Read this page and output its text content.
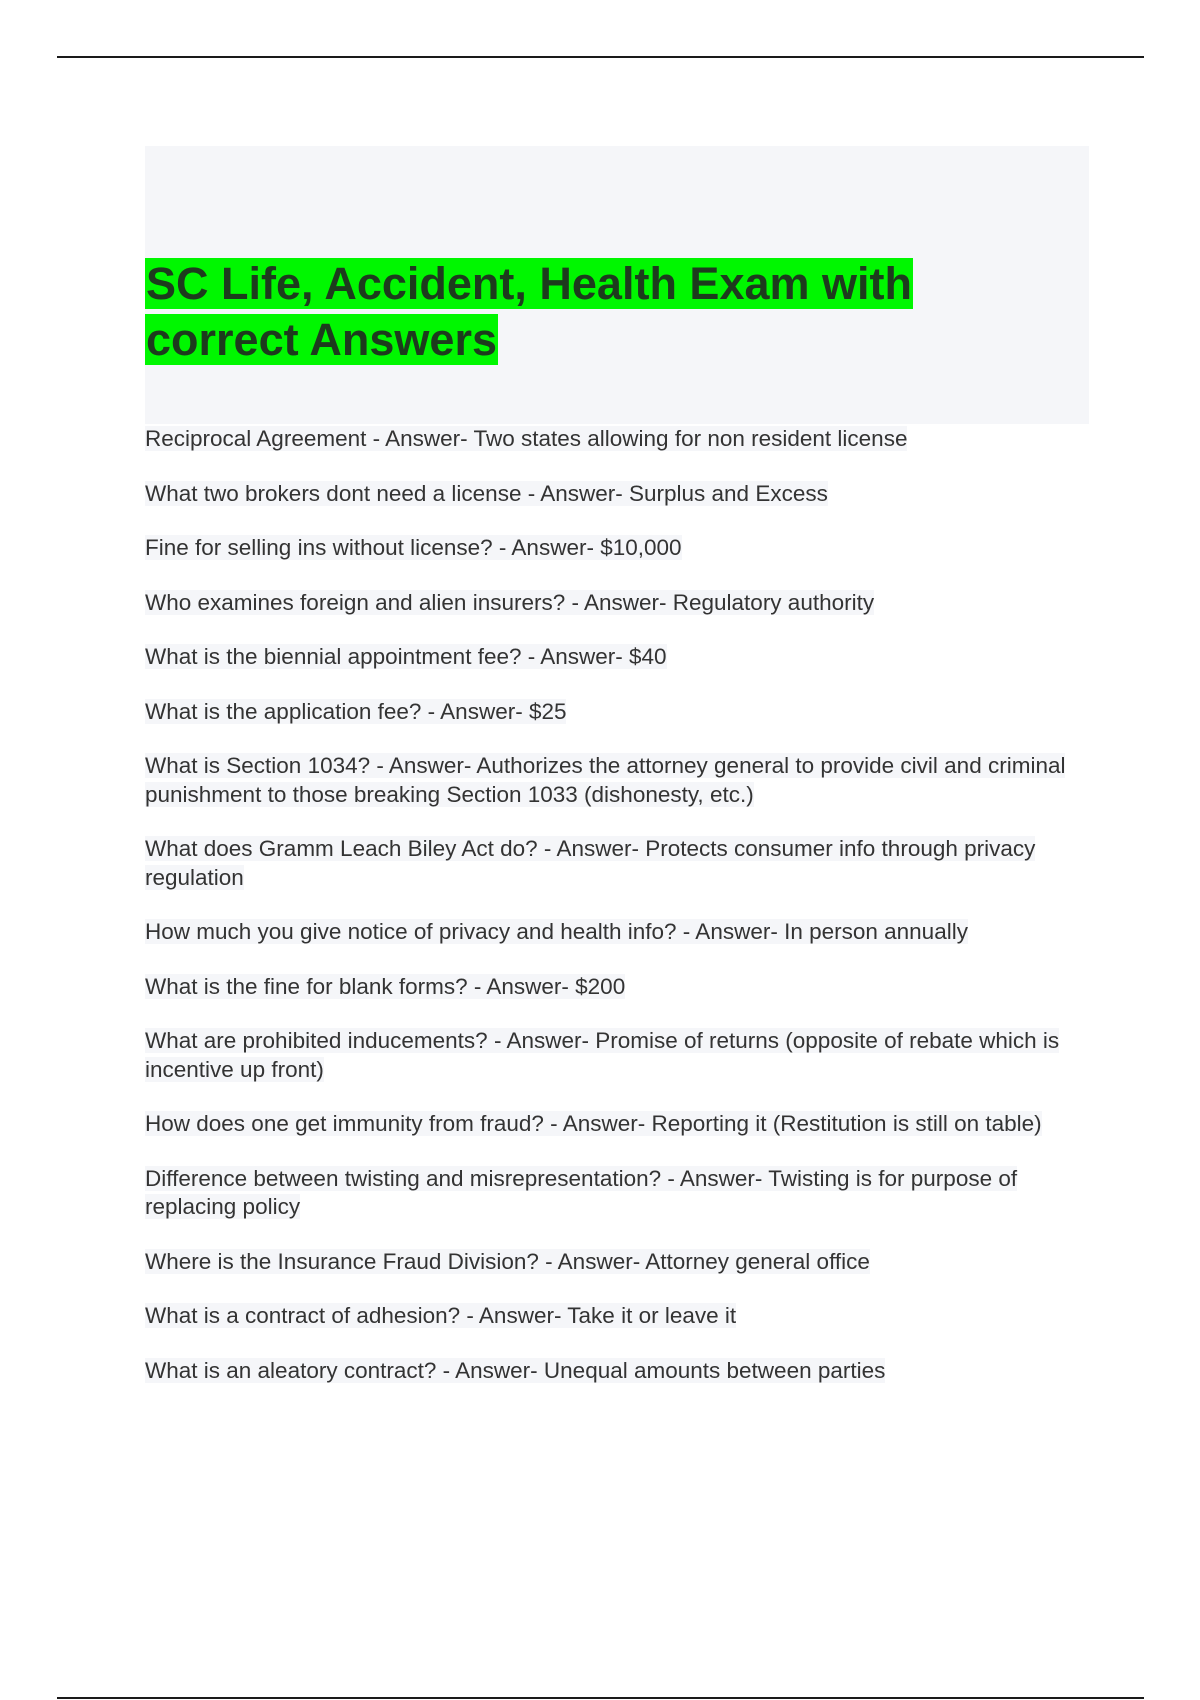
SC Life, Accident, Health Exam with correct Answers
Reciprocal Agreement - Answer- Two states allowing for non resident license
What two brokers dont need a license - Answer- Surplus and Excess
Fine for selling ins without license? - Answer- $10,000
Who examines foreign and alien insurers? - Answer- Regulatory authority
What is the biennial appointment fee? - Answer- $40
What is the application fee? - Answer- $25
What is Section 1034? - Answer- Authorizes the attorney general to provide civil and criminal punishment to those breaking Section 1033 (dishonesty, etc.)
What does Gramm Leach Biley Act do? - Answer- Protects consumer info through privacy regulation
How much you give notice of privacy and health info? - Answer- In person annually
What is the fine for blank forms? - Answer- $200
What are prohibited inducements? - Answer- Promise of returns (opposite of rebate which is incentive up front)
How does one get immunity from fraud? - Answer- Reporting it (Restitution is still on table)
Difference between twisting and misrepresentation? - Answer- Twisting is for purpose of replacing policy
Where is the Insurance Fraud Division? - Answer- Attorney general office
What is a contract of adhesion? - Answer- Take it or leave it
What is an aleatory contract? - Answer- Unequal amounts between parties
